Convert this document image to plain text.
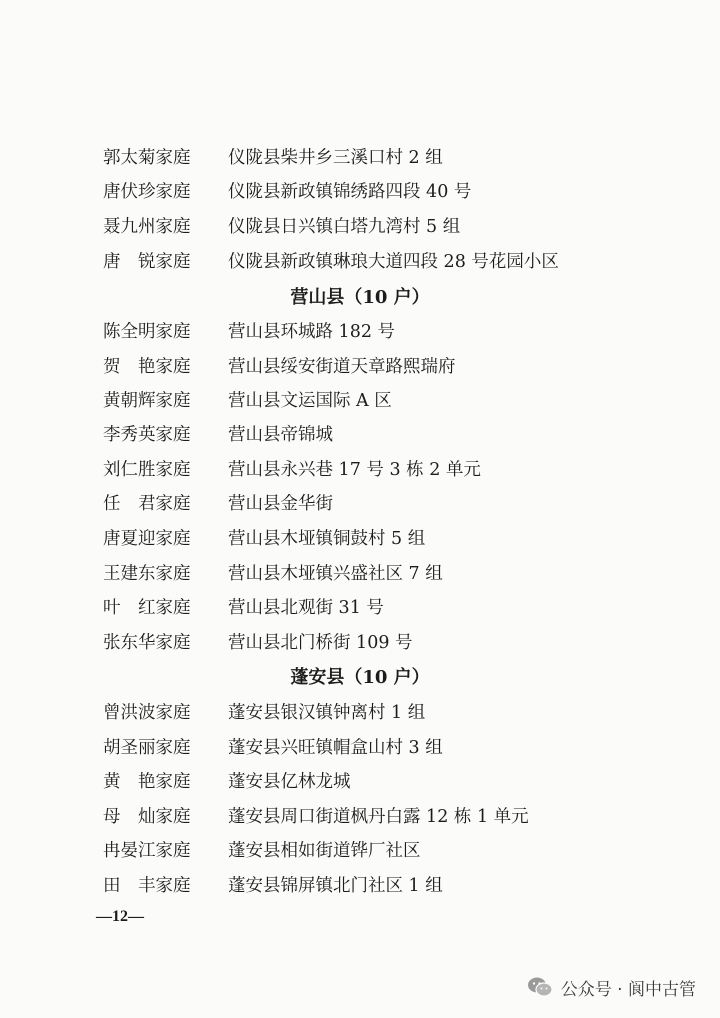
郭太菊家庭 仪陇县柴井乡三溪口村 2 组
唐伏珍家庭 仪陇县新政镇锦绣路四段 40 号
聂九州家庭 仪陇县日兴镇白塔九湾村 5 组
唐　锐家庭 仪陇县新政镇琳琅大道四段 28 号花园小区
营山县（10 户）
陈全明家庭 营山县环城路 182 号
贺　艳家庭 营山县绥安街道天章路熙瑞府
黄朝辉家庭 营山县文运国际 A 区
李秀英家庭 营山县帝锦城
刘仁胜家庭 营山县永兴巷 17 号 3 栋 2 单元
任　君家庭 营山县金华街
唐夏迎家庭 营山县木垭镇铜鼓村 5 组
王建东家庭 营山县木垭镇兴盛社区 7 组
叶　红家庭 营山县北观街 31 号
张东华家庭 营山县北门桥街 109 号
蓬安县（10 户）
曾洪波家庭 蓬安县银汉镇钟离村 1 组
胡圣丽家庭 蓬安县兴旺镇帽盒山村 3 组
黄　艳家庭 蓬安县亿林龙城
母　灿家庭 蓬安县周口街道枫丹白露 12 栋 1 单元
冉晏江家庭 蓬安县相如街道铧厂社区
田　丰家庭 蓬安县锦屏镇北门社区 1 组
—12—
公众号 · 阆中古管
